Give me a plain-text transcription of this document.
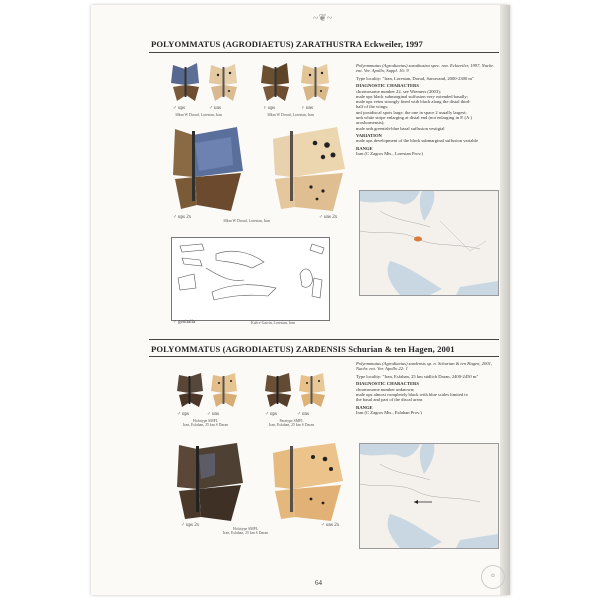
~❦~
POLYOMMATUS (AGRODIAETUS) ZARATHUSTRA Eckweiler, 1997
♂ ups	♂ uns
30km W Dorud, Lorestan, Iran
♀ ups	♀ uns
30km W Dorud, Lorestan, Iran
♂ ups 2x	♂ uns 2x
30km W Dorud, Lorestan, Iran
♂ genitalia	Kuh-e-Garrin, Lorestan, Iran

Polyommatus (Agrodiaetus) zarathustra spec. nov. Eckweiler, 1997, Nachr. ent. Ver. Apollo, Suppl. 16: 9

Type locality: "Iran, Lorestan, Dorud, Sarravand, 2000-2300 m"

DIAGNOSTIC CHARACTERS

chromosome number 22, see Wiemers (2003);
male ups black submarginal suffusion very extended basally;
male ups veins strongly lined with black along the distal third-
half of the wings;
unf postdiscal spots large, the one in space 2 usually largest;
unh white stripe enlarging at distal end (not enlarging in P. (A.)
aroxbornensis);
male unh greenish-blue basal suffusion vestigial

VARIATION

male ups development of the black submarginal suffusion variable

RANGE

Iran (C Zagros Mts., Lorestan Prov.)

POLYOMMATUS (AGRODIAETUS) ZARDENSIS Schurian & ten Hagen, 2001
♂ ups	♂ uns
Holotype SMFL
Iran, Esfahan, 25 km S Daran
♂ ups	♂ uns
Paratype SMFL
Iran, Esfahan, 25 km S Daran
♂ ups 2x	♂ uns 2x
Holotype SMFL
Iran, Esfahan, 25 km S Daran

Polyommatus (Agrodiaetus) zardensis sp. n. Schurian & ten Hagen, 2001, Nachr. ent. Ver. Apollo 22: 1

Type locality: "Iran, Esfahan, 25 km südlich Daran, 2400-2450 m"

DIAGNOSTIC CHARACTERS

chromosome number unknown;
male ups almost completely black with blue scales limited to
the basal and part of the discal areas

RANGE

Iran (C Zagros Mts., Esfahan Prov.)

64
✿
